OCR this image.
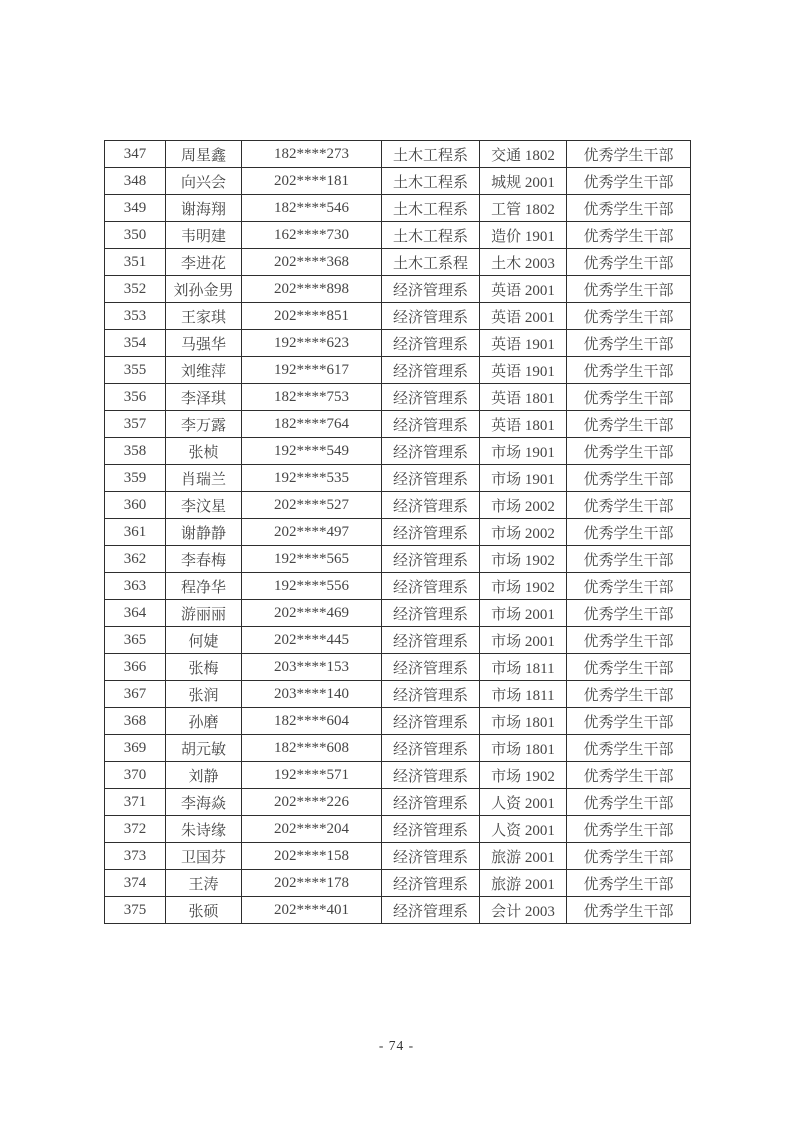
347	周星鑫	182****273	土木工程系	交通 1802	优秀学生干部
348	向兴会	202****181	土木工程系	城规 2001	优秀学生干部
349	谢海翔	182****546	土木工程系	工管 1802	优秀学生干部
350	韦明建	162****730	土木工程系	造价 1901	优秀学生干部
351	李进花	202****368	土木工系程	土木 2003	优秀学生干部
352	刘孙金男	202****898	经济管理系	英语 2001	优秀学生干部
353	王家琪	202****851	经济管理系	英语 2001	优秀学生干部
354	马强华	192****623	经济管理系	英语 1901	优秀学生干部
355	刘维萍	192****617	经济管理系	英语 1901	优秀学生干部
356	李泽琪	182****753	经济管理系	英语 1801	优秀学生干部
357	李万露	182****764	经济管理系	英语 1801	优秀学生干部
358	张桢	192****549	经济管理系	市场 1901	优秀学生干部
359	肖瑞兰	192****535	经济管理系	市场 1901	优秀学生干部
360	李汶星	202****527	经济管理系	市场 2002	优秀学生干部
361	谢静静	202****497	经济管理系	市场 2002	优秀学生干部
362	李春梅	192****565	经济管理系	市场 1902	优秀学生干部
363	程净华	192****556	经济管理系	市场 1902	优秀学生干部
364	游丽丽	202****469	经济管理系	市场 2001	优秀学生干部
365	何婕	202****445	经济管理系	市场 2001	优秀学生干部
366	张梅	203****153	经济管理系	市场 1811	优秀学生干部
367	张润	203****140	经济管理系	市场 1811	优秀学生干部
368	孙磨	182****604	经济管理系	市场 1801	优秀学生干部
369	胡元敏	182****608	经济管理系	市场 1801	优秀学生干部
370	刘静	192****571	经济管理系	市场 1902	优秀学生干部
371	李海焱	202****226	经济管理系	人资 2001	优秀学生干部
372	朱诗缘	202****204	经济管理系	人资 2001	优秀学生干部
373	卫国芬	202****158	经济管理系	旅游 2001	优秀学生干部
374	王涛	202****178	经济管理系	旅游 2001	优秀学生干部
375	张硕	202****401	经济管理系	会计 2003	优秀学生干部
- 74 -
